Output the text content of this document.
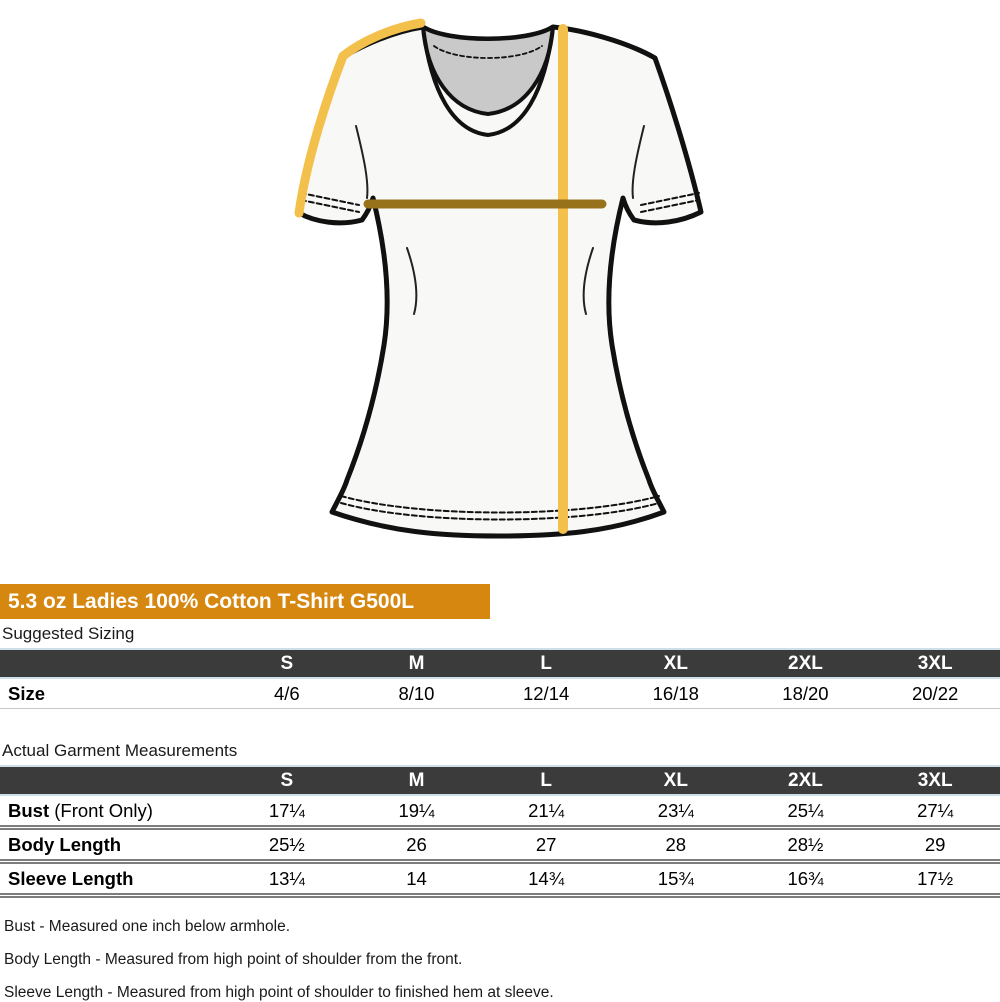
5.3 oz Ladies 100% Cotton T-Shirt G500L
Suggested Sizing
	S	M	L	XL	2XL	3XL
Size	4/6	8/10	12/14	16/18	18/20	20/22
Actual Garment Measurements
	S	M	L	XL	2XL	3XL
Bust (Front Only)	17¼	19¼	21¼	23¼	25¼	27¼
Body Length	25½	26	27	28	28½	29
Sleeve Length	13¼	14	14¾	15¾	16¾	17½

Bust - Measured one inch below armhole.

Body Length - Measured from high point of shoulder from the front.

Sleeve Length - Measured from high point of shoulder to finished hem at sleeve.
